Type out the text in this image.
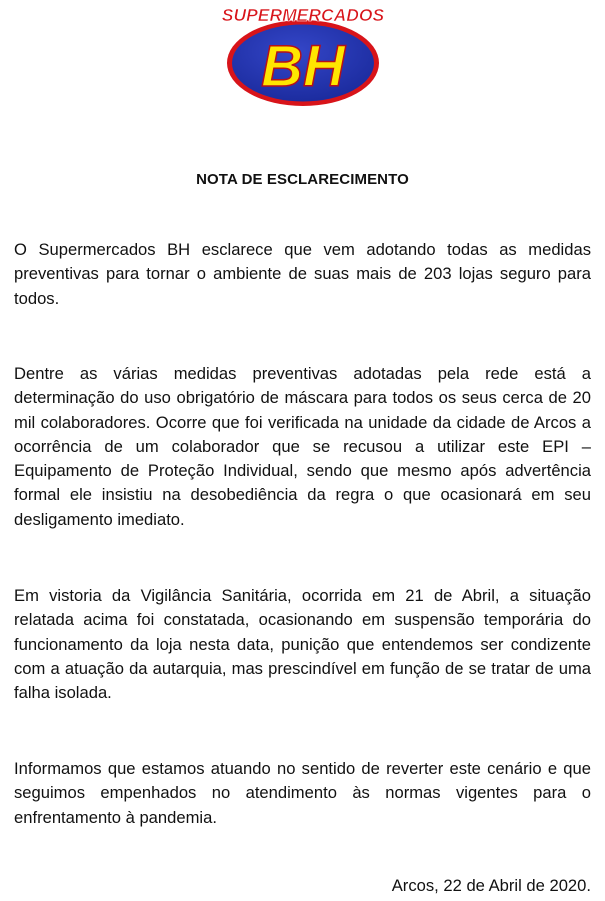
SUPERMERCADOS
BH
NOTA DE ESCLARECIMENTO

O Supermercados BH esclarece que vem adotando todas as medidas preventivas para tornar o ambiente de suas mais de 203 lojas seguro para todos.

Dentre as várias medidas preventivas adotadas pela rede está a determinação do uso obrigatório de máscara para todos os seus cerca de 20 mil colaboradores. Ocorre que foi verificada na unidade da cidade de Arcos a ocorrência de um colaborador que se recusou a utilizar este EPI – Equipamento de Proteção Individual, sendo que mesmo após advertência formal ele insistiu na desobediência da regra o que ocasionará em seu desligamento imediato.

Em vistoria da Vigilância Sanitária, ocorrida em 21 de Abril, a situação relatada acima foi constatada, ocasionando em suspensão temporária do funcionamento da loja nesta data, punição que entendemos ser condizente com a atuação da autarquia, mas prescindível em função de se tratar de uma falha isolada.

Informamos que estamos atuando no sentido de reverter este cenário e que seguimos empenhados no atendimento às normas vigentes para o enfrentamento à pandemia.

Arcos, 22 de Abril de 2020.
